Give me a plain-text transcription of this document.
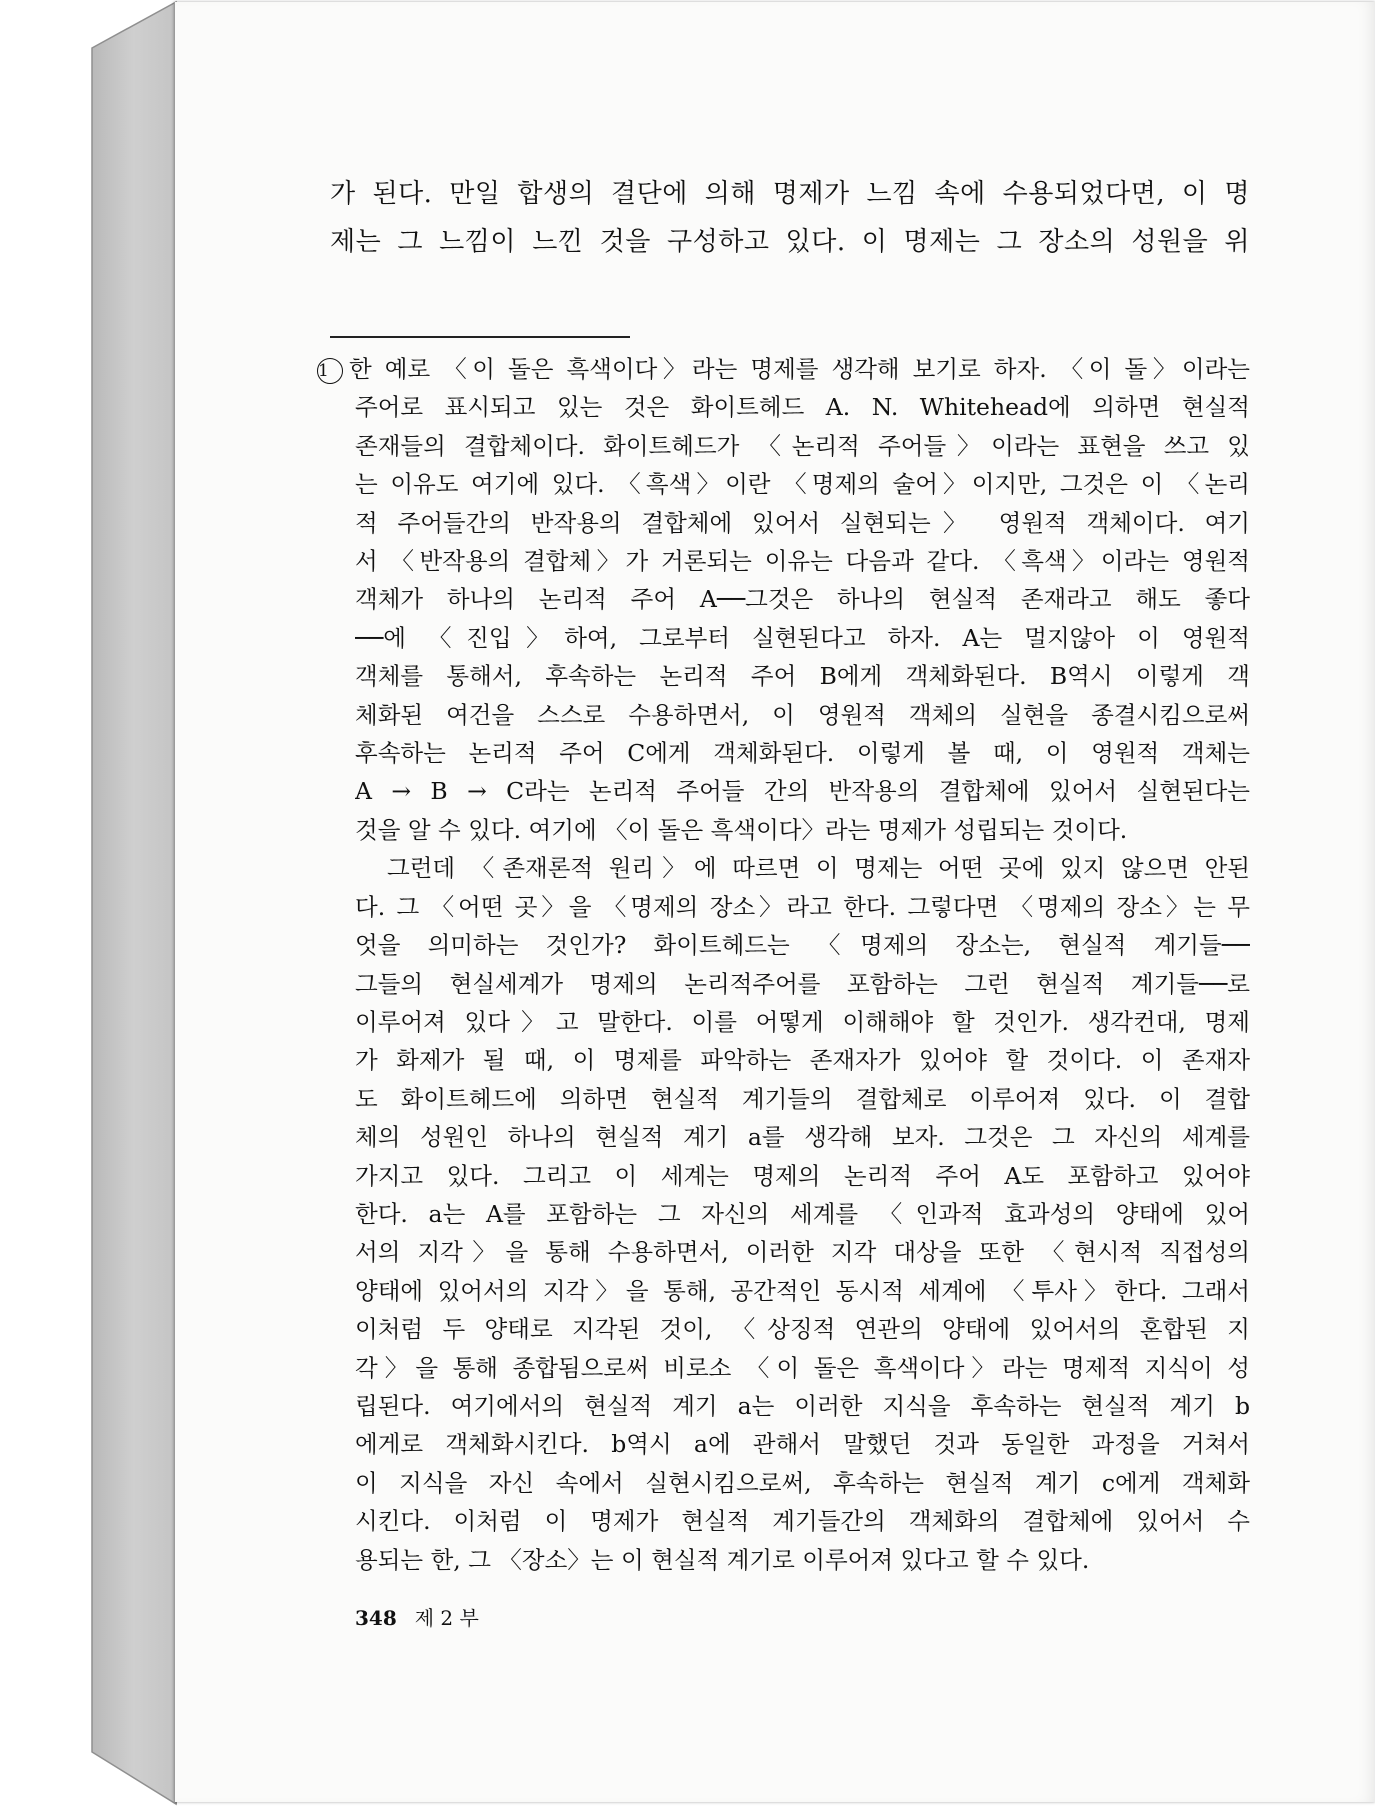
가 된다. 만일 합생의 결단에 의해 명제가 느낌 속에 수용되었다면, 이 명
제는 그 느낌이 느낀 것을 구성하고 있다. 이 명제는 그 장소의 성원을 위
1 한 예로 〈이 돌은 흑색이다〉라는 명제를 생각해 보기로 하자. 〈이 돌〉이라는
주어로 표시되고 있는 것은 화이트헤드 A. N. Whitehead에 의하면 현실적
존재들의 결합체이다. 화이트헤드가 〈논리적 주어들〉이라는 표현을 쓰고 있
는 이유도 여기에 있다. 〈흑색〉이란 〈명제의 술어〉이지만, 그것은 이 〈논리
적 주어들간의 반작용의 결합체에 있어서 실현되는〉 영원적 객체이다. 여기
서 〈반작용의 결합체〉가 거론되는 이유는 다음과 같다. 〈흑색〉이라는 영원적
객체가 하나의 논리적 주어 A──그것은 하나의 현실적 존재라고 해도 좋다
──에 〈진입〉하여, 그로부터 실현된다고 하자. A는 멀지않아 이 영원적
객체를 통해서, 후속하는 논리적 주어 B에게 객체화된다. B역시 이렇게 객
체화된 여건을 스스로 수용하면서, 이 영원적 객체의 실현을 종결시킴으로써
후속하는 논리적 주어 C에게 객체화된다. 이렇게 볼 때, 이 영원적 객체는
A → B → C라는 논리적 주어들 간의 반작용의 결합체에 있어서 실현된다는
것을 알 수 있다. 여기에 〈이 돌은 흑색이다〉라는 명제가 성립되는 것이다.
그런데 〈존재론적 원리〉에 따르면 이 명제는 어떤 곳에 있지 않으면 안된
다. 그 〈어떤 곳〉을 〈명제의 장소〉라고 한다. 그렇다면 〈명제의 장소〉는 무
엇을 의미하는 것인가? 화이트헤드는 〈명제의 장소는, 현실적 계기들──
그들의 현실세계가 명제의 논리적주어를 포함하는 그런 현실적 계기들──로
이루어져 있다〉고 말한다. 이를 어떻게 이해해야 할 것인가. 생각컨대, 명제
가 화제가 될 때, 이 명제를 파악하는 존재자가 있어야 할 것이다. 이 존재자
도 화이트헤드에 의하면 현실적 계기들의 결합체로 이루어져 있다. 이 결합
체의 성원인 하나의 현실적 계기 a를 생각해 보자. 그것은 그 자신의 세계를
가지고 있다. 그리고 이 세계는 명제의 논리적 주어 A도 포함하고 있어야
한다. a는 A를 포함하는 그 자신의 세계를 〈인과적 효과성의 양태에 있어
서의 지각〉을 통해 수용하면서, 이러한 지각 대상을 또한 〈현시적 직접성의
양태에 있어서의 지각〉을 통해, 공간적인 동시적 세계에 〈투사〉한다. 그래서
이처럼 두 양태로 지각된 것이, 〈상징적 연관의 양태에 있어서의 혼합된 지
각〉을 통해 종합됨으로써 비로소 〈이 돌은 흑색이다〉라는 명제적 지식이 성
립된다. 여기에서의 현실적 계기 a는 이러한 지식을 후속하는 현실적 계기 b
에게로 객체화시킨다. b역시 a에 관해서 말했던 것과 동일한 과정을 거쳐서
이 지식을 자신 속에서 실현시킴으로써, 후속하는 현실적 계기 c에게 객체화
시킨다. 이처럼 이 명제가 현실적 계기들간의 객체화의 결합체에 있어서 수
용되는 한, 그 〈장소〉는 이 현실적 계기로 이루어져 있다고 할 수 있다.
348 제 2 부
